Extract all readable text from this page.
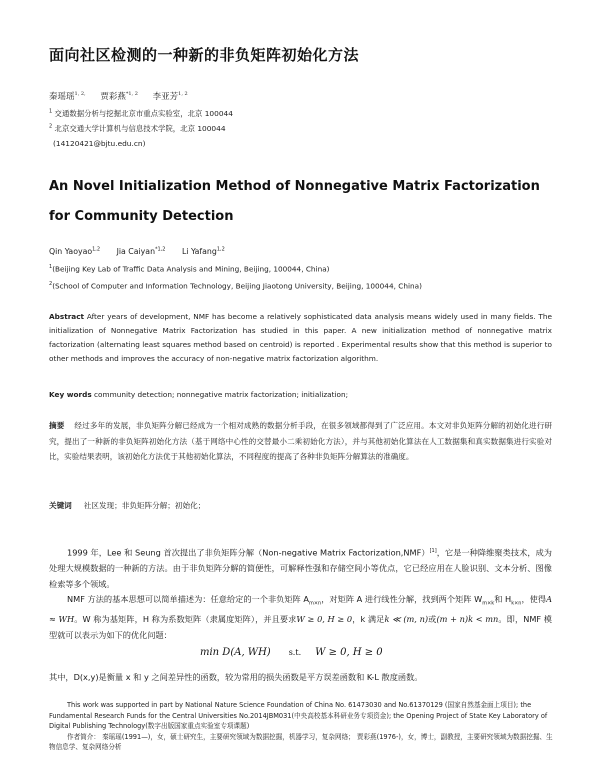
面向社区检测的一种新的非负矩阵初始化方法
秦瑶瑶$^{1, 2,}$ 贾彩燕$^{*1, 2}$ 李亚芳$^{1, 2}$
$^1$ 交通数据分析与挖掘北京市重点实验室，北京 100044
$^2$ 北京交通大学计算机与信息技术学院，北京 100044
(14120421@bjtu.edu.cn)
An Novel Initialization Method of Nonnegative Matrix Factorization
for Community Detection
Qin Yaoyao$^{1,2}$ Jia Caiyan$^{*1,2}$ Li Yafang$^{1,2}$
$^1$(Beijing Key Lab of Traffic Data Analysis and Mining, Beijing, 100044, China)
$^2$(School of Computer and Information Technology, Beijing Jiaotong University, Beijing, 100044, China)
Abstract After years of development, NMF has become a relatively sophisticated data analysis means widely used in many fields. The initialization of Nonnegative Matrix Factorization has studied in this paper. A new initialization method of nonnegative matrix factorization (alternating least squares method based on centroid) is reported . Experimental results show that this method is superior to other methods and improves the accuracy of non-negative matrix factorization algorithm.
Key words community detection; nonnegative matrix factorization; initialization;
摘要 经过多年的发展，非负矩阵分解已经成为一个相对成熟的数据分析手段，在很多领域都得到了广泛应用。本文对非负矩阵分解的初始化进行研究，提出了一种新的非负矩阵初始化方法（基于网络中心性的交替最小二乘初始化方法），并与其他初始化算法在人工数据集和真实数据集进行实验对比，实验结果表明，该初始化方法优于其他初始化算法，不同程度的提高了各种非负矩阵分解算法的准确度。
关键词 社区发现；非负矩阵分解；初始化；

1999 年，Lee 和 Seung 首次提出了非负矩阵分解（Non-negative Matrix Factorization,NMF）[1]，它是一种降维聚类技术，成为处理大规模数据的一种新的方法。由于非负矩阵分解的简便性，可解释性强和存储空间小等优点，它已经应用在人脸识别、文本分析、图像检索等多个领域。

NMF 方法的基本思想可以简单描述为：任意给定的一个非负矩阵 $A_{m\times n}$，对矩阵 A 进行线性分解，找到两个矩阵 $W_{m\times k}$和 $H_{k\times n}$，使得A ≈ WH。W 称为基矩阵，H 称为系数矩阵（隶属度矩阵），并且要求W ≥ 0, H ≥ 0，k 满足k ≪ (m, n)或(m + n)k < mn。即，NMF 模型就可以表示为如下的优化问题：

min D(A, WH) s.t. W ≥ 0, H ≥ 0
其中，D(x,y)是衡量 x 和 y 之间差异性的函数，较为常用的损失函数是平方误差函数和 K-L 散度函数。

This work was supported in part by National Nature Science Foundation of China No. 61473030 and No.61370129 (国家自然基金面上项目); the Fundamental Research Funds for the Central Universities No.2014JBM031(中央高校基本科研业务专项资金); the Opening Project of State Key Laboratory of Digital Publishing Technology(数字出版国家重点实验室专项课题)

作者简介： 秦瑶瑶(1991—)，女，硕士研究生，主要研究领域为数据挖掘，机器学习，复杂网络； 贾彩燕(1976-)，女，博士，副教授，主要研究领域为数据挖掘、生物信息学、复杂网络分析
